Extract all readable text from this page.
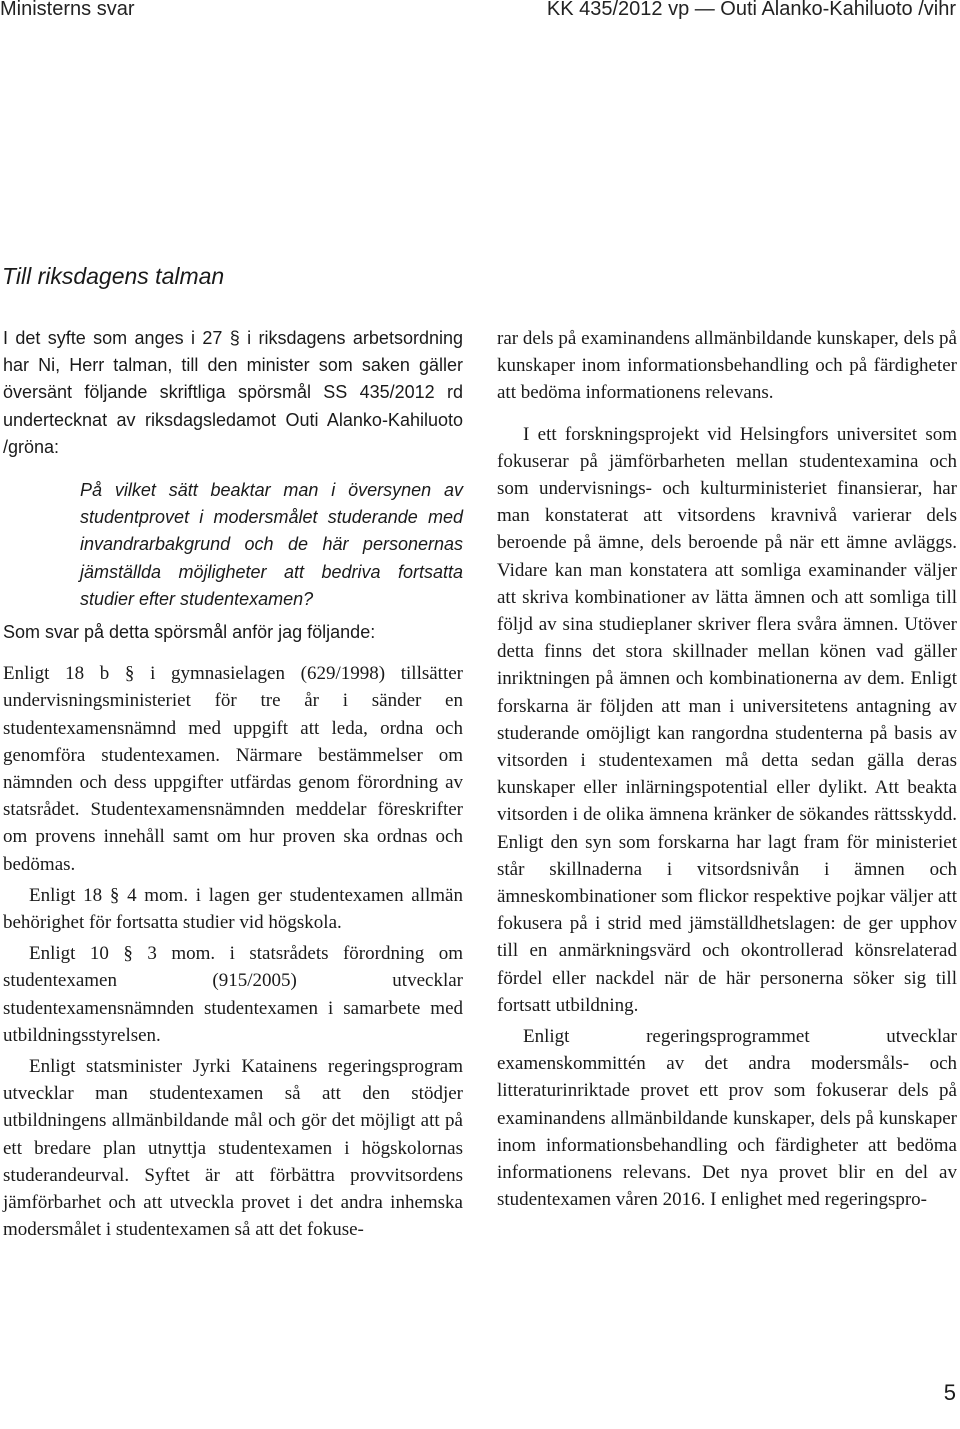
Ministerns svar	KK 435/2012 vp — Outi Alanko-Kahiluoto /vihr
Till riksdagens talman

I det syfte som anges i 27 § i riksdagens arbetsordning har Ni, Herr talman, till den minister som saken gäller översänt följande skriftliga spörsmål SS 435/2012 rd undertecknat av riksdagsledamot Outi Alanko-Kahiluoto /gröna:

På vilket sätt beaktar man i översynen av studentprovet i modersmålet studerande med invandrarbakgrund och de här personernas jämställda möjligheter att bedriva fortsatta studier efter studentexamen?

Som svar på detta spörsmål anför jag följande:

Enligt 18 b § i gymnasielagen (629/1998) tillsätter undervisningsministeriet för tre år i sänder en studentexamensnämnd med uppgift att leda, ordna och genomföra studentexamen. Närmare bestämmelser om nämnden och dess uppgifter utfärdas genom förordning av statsrådet. Studentexamensnämnden meddelar föreskrifter om provens innehåll samt om hur proven ska ordnas och bedömas.

Enligt 18 § 4 mom. i lagen ger studentexamen allmän behörighet för fortsatta studier vid högskola.

Enligt 10 § 3 mom. i statsrådets förordning om studentexamen (915/2005) utvecklar studentexamensnämnden studentexamen i samarbete med utbildningsstyrelsen.

Enligt statsminister Jyrki Katainens regeringsprogram utvecklar man studentexamen så att den stödjer utbildningens allmänbildande mål och gör det möjligt att på ett bredare plan utnyttja studentexamen i högskolornas studerandeurval. Syftet är att förbättra provvitsordens jämförbarhet och att utveckla provet i det andra inhemska modersmålet i studentexamen så att det fokuse-

rar dels på examinandens allmänbildande kunskaper, dels på kunskaper inom informationsbehandling och på färdigheter att bedöma informationens relevans.

I ett forskningsprojekt vid Helsingfors universitet som fokuserar på jämförbarheten mellan studentexamina och som undervisnings- och kulturministeriet finansierar, har man konstaterat att vitsordens kravnivå varierar dels beroende på ämne, dels beroende på när ett ämne avläggs. Vidare kan man konstatera att somliga examinander väljer att skriva kombinationer av lätta ämnen och att somliga till följd av sina studieplaner skriver flera svåra ämnen. Utöver detta finns det stora skillnader mellan könen vad gäller inriktningen på ämnen och kombinationerna av dem. Enligt forskarna är följden att man i universitetens antagning av studerande omöjligt kan rangordna studenterna på basis av vitsorden i studentexamen må detta sedan gälla deras kunskaper eller inlärningspotential eller dylikt. Att beakta vitsorden i de olika ämnena kränker de sökandes rättsskydd. Enligt den syn som forskarna har lagt fram för ministeriet står skillnaderna i vitsordsnivån i ämnen och ämneskombinationer som flickor respektive pojkar väljer att fokusera på i strid med jämställdhetslagen: de ger upphov till en anmärkningsvärd och okontrollerad könsrelaterad fördel eller nackdel när de här personerna söker sig till fortsatt utbildning.

Enligt regeringsprogrammet utvecklar examenskommittén av det andra modersmåls- och litteraturinriktade provet ett prov som fokuserar dels på examinandens allmänbildande kunskaper, dels på kunskaper inom informationsbehandling och färdigheter att bedöma informationens relevans. Det nya provet blir en del av studentexamen våren 2016. I enlighet med regeringspro-

5
